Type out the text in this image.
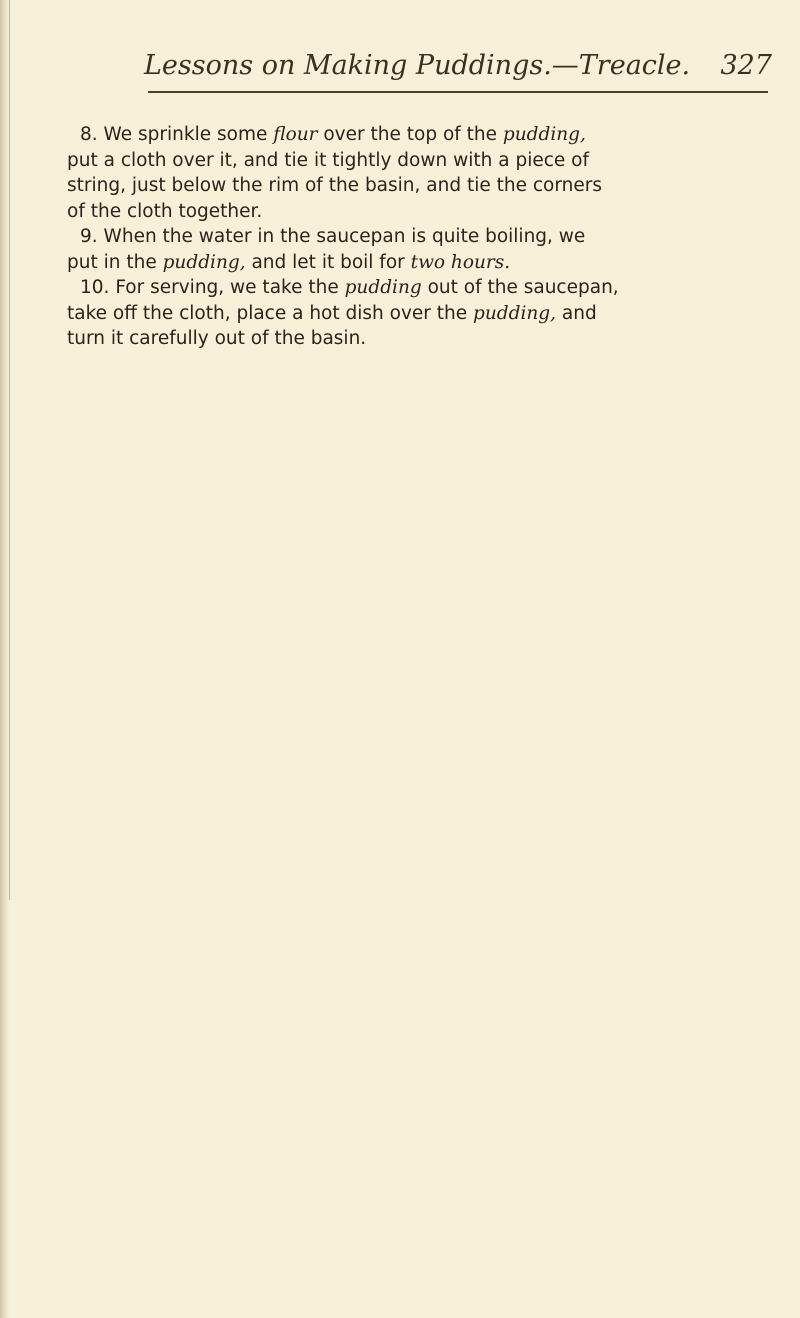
Lessons on Making Puddings.—Treacle. 327
8. We sprinkle some flour over the top of the pudding,
put a cloth over it, and tie it tightly down with a piece of
string, just below the rim of the basin, and tie the corners
of the cloth together.
9. When the water in the saucepan is quite boiling, we
put in the pudding, and let it boil for two hours.
10. For serving, we take the pudding out of the saucepan,
take off the cloth, place a hot dish over the pudding, and
turn it carefully out of the basin.
